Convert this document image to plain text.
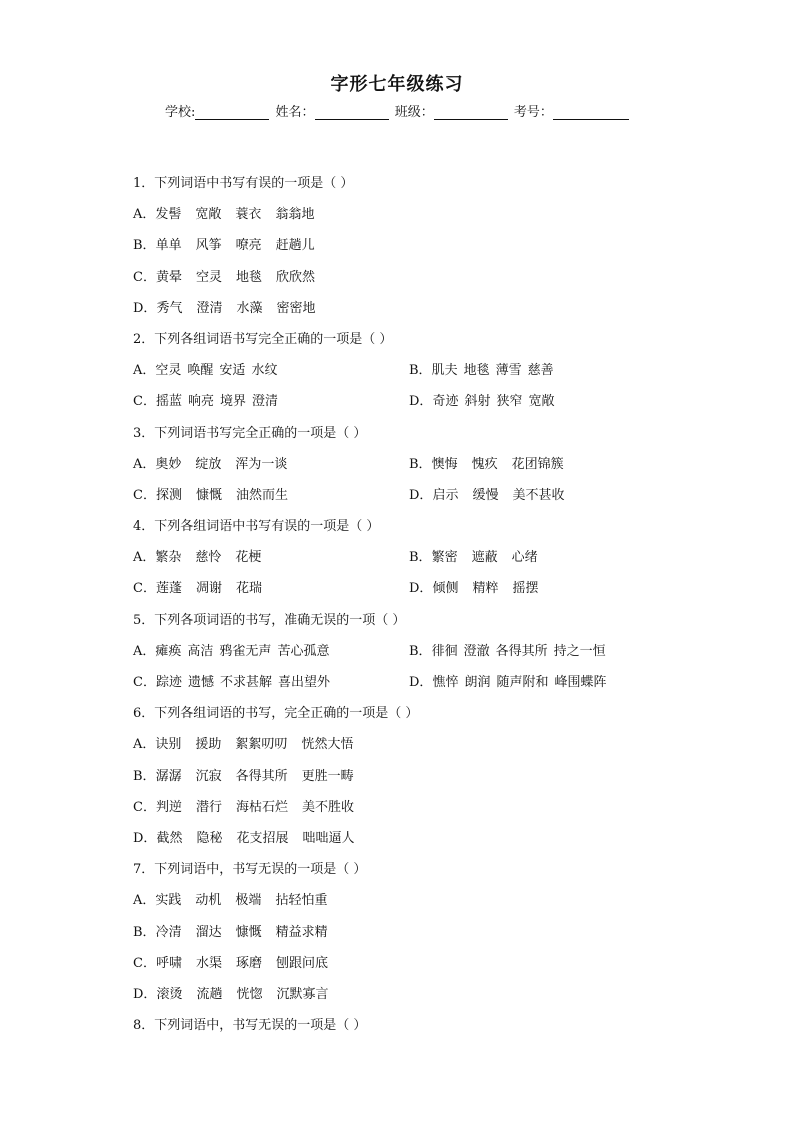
字形七年级练习
学校:	姓名：	班级：	考号：
1．下列词语中书写有误的一项是（ ）
A．发髻 宽敞 蓑衣 翁翁地
B．单单 风筝 嘹亮 赶趟儿
C．黄晕 空灵 地毯 欣欣然
D．秀气 澄清 水藻 密密地
2．下列各组词语书写完全正确的一项是（ ）
A．空灵 唤醒 安适 水纹	B．肌夫 地毯 薄雪 慈善
C．摇蓝 响亮 境界 澄清	D．奇迹 斜射 狭窄 宽敞
3．下列词语书写完全正确的一项是（ ）
A．奥妙 绽放 浑为一谈	B．懊悔 愧疚 花团锦簇
C．探测 慷慨 油然而生	D．启示 缓慢 美不甚收
4．下列各组词语中书写有误的一项是（ ）
A．繁杂 慈怜 花梗	B．繁密 遮蔽 心绪
C．莲蓬 凋谢 花瑞	D．倾侧 精粹 摇摆
5．下列各项词语的书写，准确无误的一项（ ）
A．瘫痪 高洁 鸦雀无声 苦心孤意	B．徘徊 澄澈 各得其所 持之一恒
C．踪迹 遗憾 不求甚解 喜出望外	D．憔悴 朗润 随声附和 峰围蝶阵
6．下列各组词语的书写，完全正确的一项是（ ）
A．诀别 援助 絮絮叨叨 恍然大悟
B．潺潺 沉寂 各得其所 更胜一畴
C．判逆 潜行 海枯石烂 美不胜收
D．截然 隐秘 花支招展 咄咄逼人
7．下列词语中，书写无误的一项是（ ）
A．实践 动机 极端 拈轻怕重
B．冷清 溜达 慷慨 精益求精
C．呼啸 水渠 琢磨 刨跟问底
D．滚烫 流趟 恍惚 沉默寡言
8．下列词语中，书写无误的一项是（ ）
